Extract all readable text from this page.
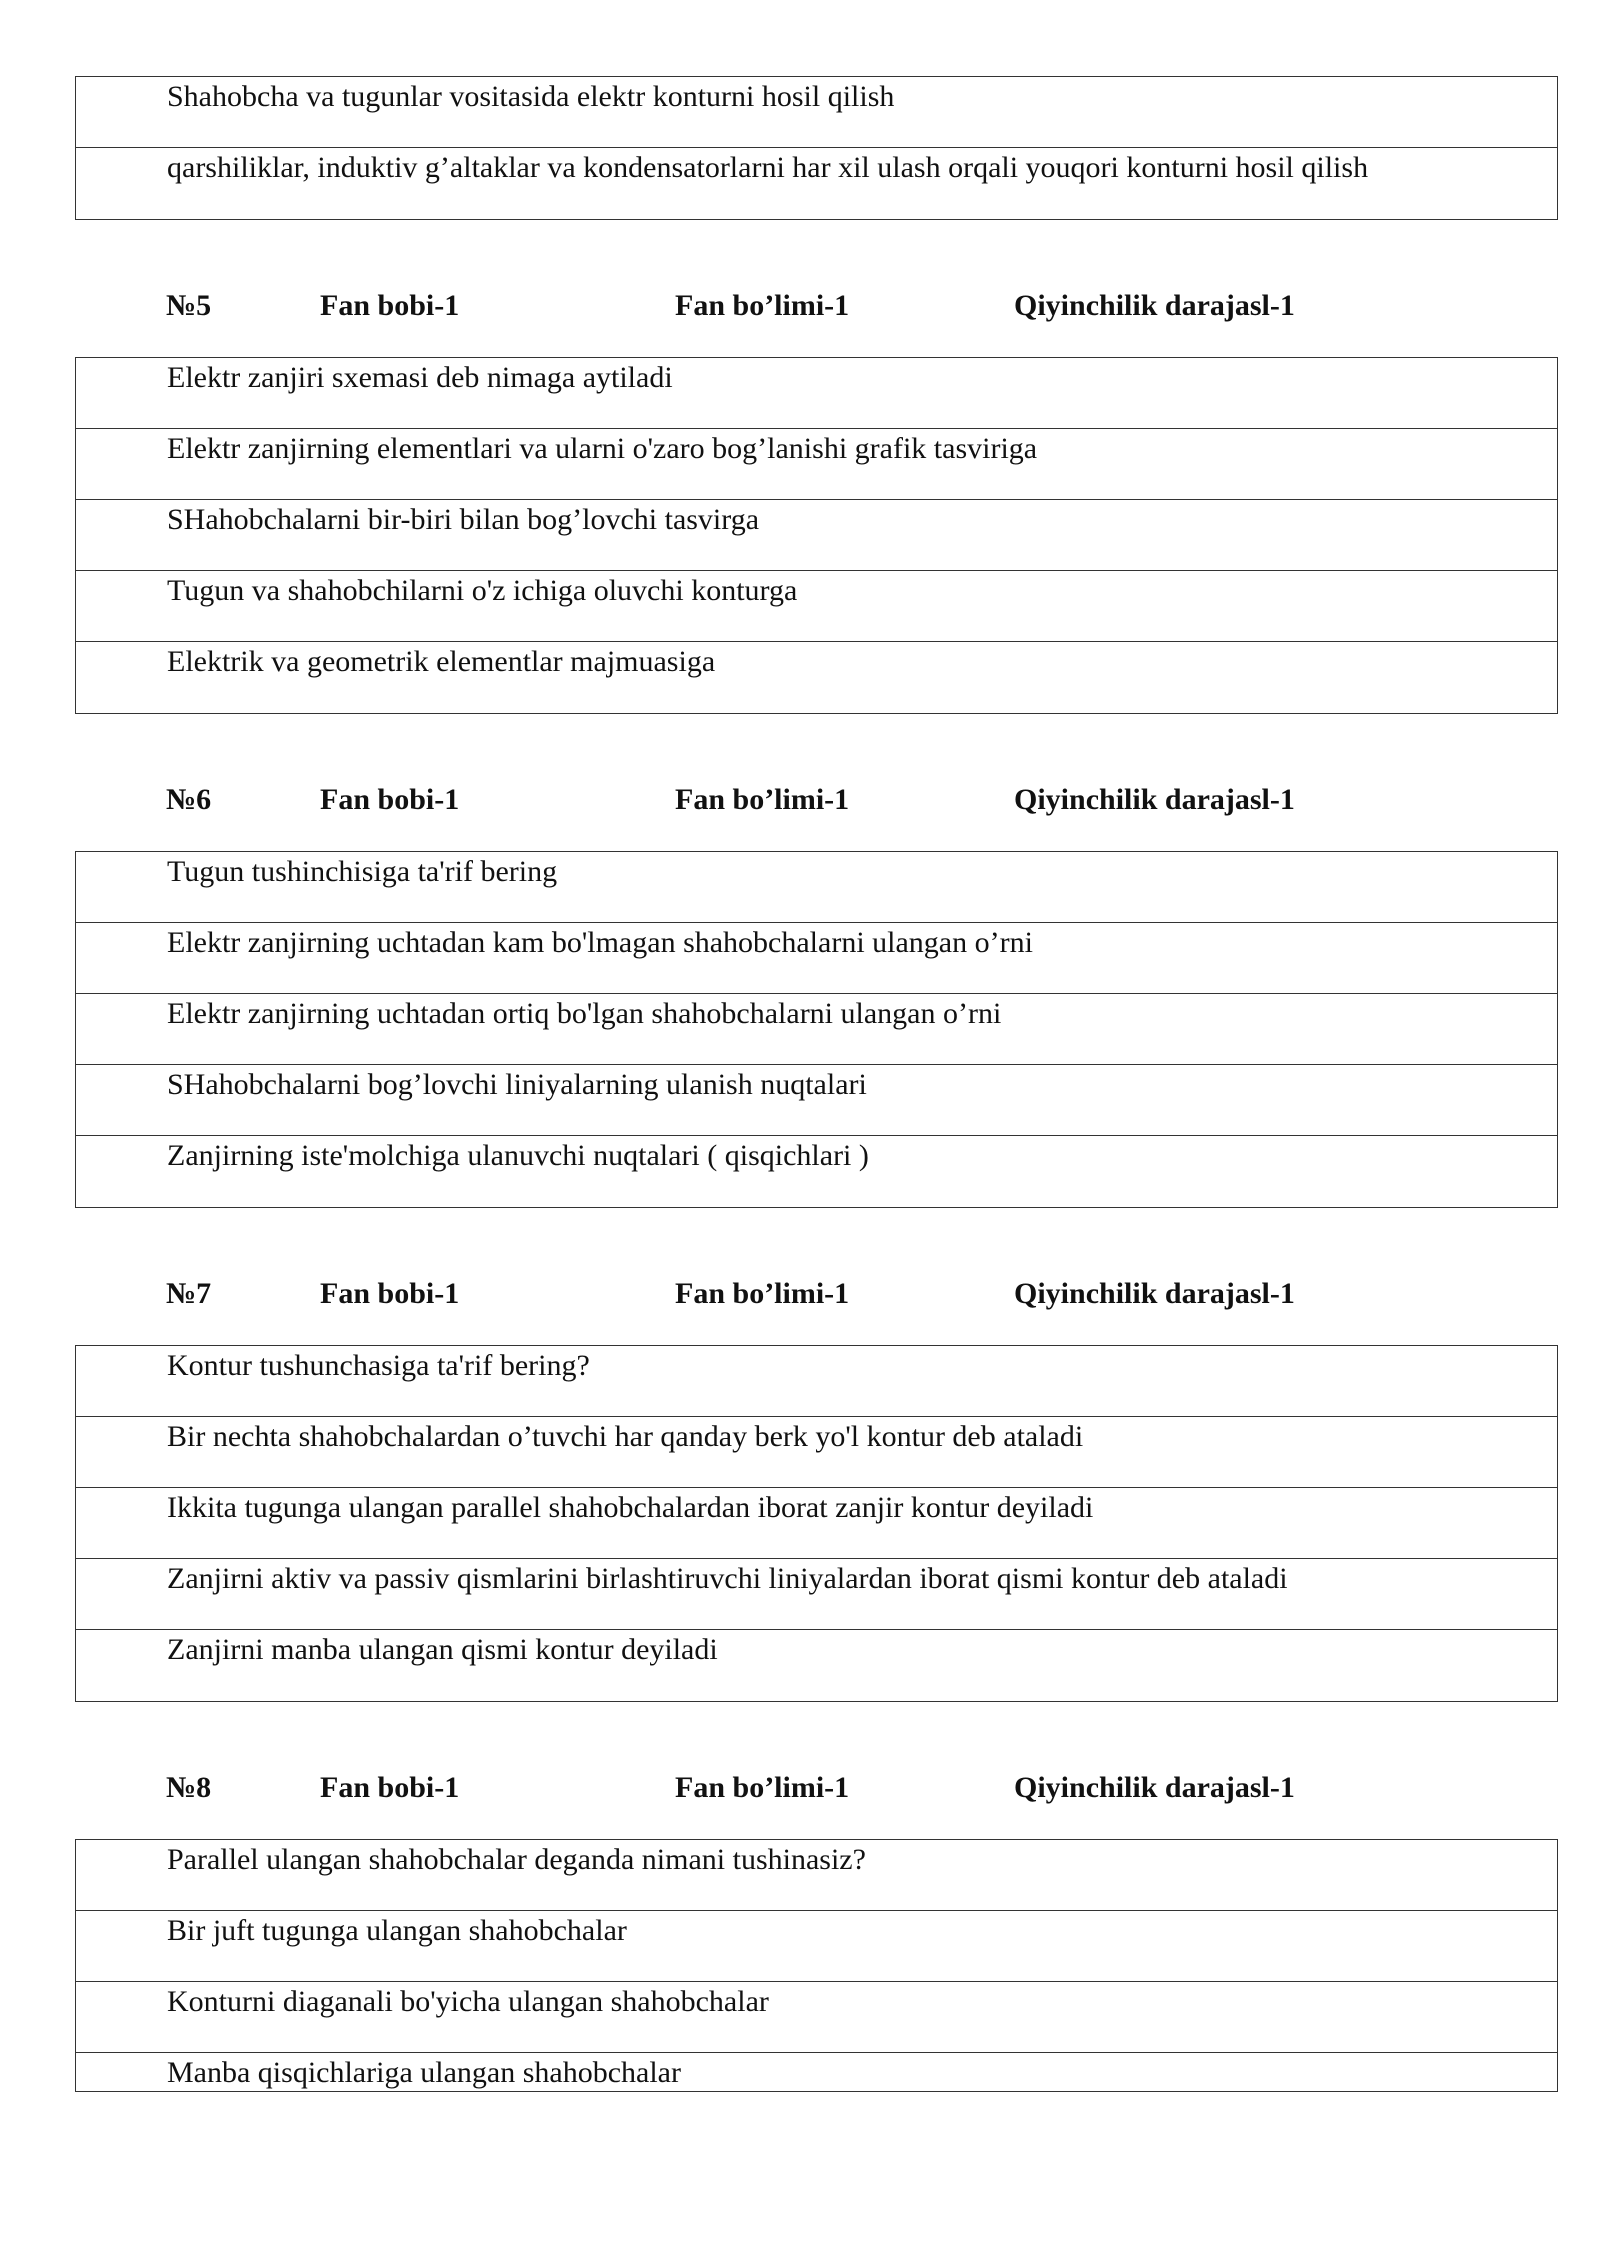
Shahobcha va tugunlar vositasida elektr konturni hosil qilish
qarshiliklar, induktiv g’altaklar va kondensatorlarni har xil ulash orqali youqori konturni hosil qilish
№5	Fan bobi-1	Fan bo’limi-1	Qiyinchilik darajasl-1
Elektr zanjiri sxemasi deb nimaga aytiladi
Elektr zanjirning elementlari va ularni o'zaro bog’lanishi grafik tasviriga
SHahobchalarni bir-biri bilan bog’lovchi tasvirga
Tugun va shahobchilarni o'z ichiga oluvchi konturga
Elektrik va geometrik elementlar majmuasiga
№6	Fan bobi-1	Fan bo’limi-1	Qiyinchilik darajasl-1
Tugun tushinchisiga ta'rif bering
Elektr zanjirning uchtadan kam bo'lmagan shahobchalarni ulangan o’rni
Elektr zanjirning uchtadan ortiq bo'lgan shahobchalarni ulangan o’rni
SHahobchalarni bog’lovchi liniyalarning ulanish nuqtalari
Zanjirning iste'molchiga ulanuvchi nuqtalari ( qisqichlari )
№7	Fan bobi-1	Fan bo’limi-1	Qiyinchilik darajasl-1
Kontur tushunchasiga ta'rif bering?
Bir nechta shahobchalardan o’tuvchi har qanday berk yo'l kontur deb ataladi
Ikkita tugunga ulangan parallel shahobchalardan iborat zanjir kontur deyiladi
Zanjirni aktiv va passiv qismlarini birlashtiruvchi liniyalardan iborat qismi kontur deb ataladi
Zanjirni manba ulangan qismi kontur deyiladi
№8	Fan bobi-1	Fan bo’limi-1	Qiyinchilik darajasl-1
Parallel ulangan shahobchalar deganda nimani tushinasiz?
Bir juft tugunga ulangan shahobchalar
Konturni diaganali bo'yicha ulangan shahobchalar
Manba qisqichlariga ulangan shahobchalar
